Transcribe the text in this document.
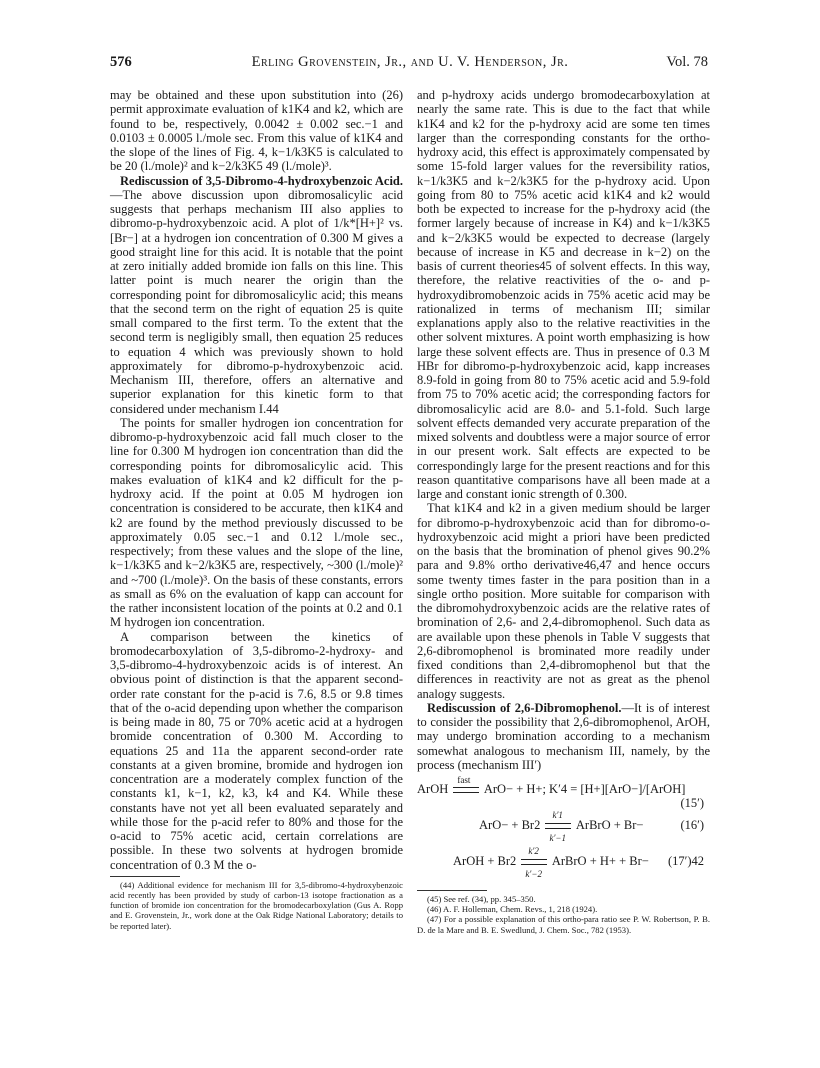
576	Erling Grovenstein, Jr., and U. V. Henderson, Jr.	Vol. 78

may be obtained and these upon substitution into (26) permit approximate evaluation of k1K4 and k2, which are found to be, respectively, 0.0042 ± 0.002 sec.−1 and 0.0103 ± 0.0005 l./mole sec. From this value of k1K4 and the slope of the lines of Fig. 4, k−1/k3K5 is calculated to be 20 (l./mole)² and k−2/k3K5 49 (l./mole)³.

Rediscussion of 3,5-Dibromo-4-hydroxybenzoic Acid.—The above discussion upon dibromosalicylic acid suggests that perhaps mechanism III also applies to dibromo-p-hydroxybenzoic acid. A plot of 1/k*[H+]² vs. [Br−] at a hydrogen ion concentration of 0.300 M gives a good straight line for this acid. It is notable that the point at zero initially added bromide ion falls on this line. This latter point is much nearer the origin than the corresponding point for dibromosalicylic acid; this means that the second term on the right of equation 25 is quite small compared to the first term. To the extent that the second term is negligibly small, then equation 25 reduces to equation 4 which was previously shown to hold approximately for dibromo-p-hydroxybenzoic acid. Mechanism III, therefore, offers an alternative and superior explanation for this kinetic form to that considered under mechanism I.44

The points for smaller hydrogen ion concentration for dibromo-p-hydroxybenzoic acid fall much closer to the line for 0.300 M hydrogen ion concentration than did the corresponding points for dibromosalicylic acid. This makes evaluation of k1K4 and k2 difficult for the p-hydroxy acid. If the point at 0.05 M hydrogen ion concentration is considered to be accurate, then k1K4 and k2 are found by the method previously discussed to be approximately 0.05 sec.−1 and 0.12 l./mole sec., respectively; from these values and the slope of the line, k−1/k3K5 and k−2/k3K5 are, respectively, ~300 (l./mole)² and ~700 (l./mole)³. On the basis of these constants, errors as small as 6% on the evaluation of kapp can account for the rather inconsistent location of the points at 0.2 and 0.1 M hydrogen ion concentration.

A comparison between the kinetics of bromodecarboxylation of 3,5-dibromo-2-hydroxy- and 3,5-dibromo-4-hydroxybenzoic acids is of interest. An obvious point of distinction is that the apparent second-order rate constant for the p-acid is 7.6, 8.5 or 9.8 times that of the o-acid depending upon whether the comparison is being made in 80, 75 or 70% acetic acid at a hydrogen bromide concentration of 0.300 M. According to equations 25 and 11a the apparent second-order rate constants at a given bromine, bromide and hydrogen ion concentration are a moderately complex function of the constants k1, k−1, k2, k3, k4 and K4. While these constants have not yet all been evaluated separately and while those for the p-acid refer to 80% and those for the o-acid to 75% acetic acid, certain correlations are possible. In these two solvents at hydrogen bromide concentration of 0.3 M the o-

(44) Additional evidence for mechanism III for 3,5-dibromo-4-hydroxybenzoic acid recently has been provided by study of carbon-13 isotope fractionation as a function of bromide ion concentration for the bromodecarboxylation (Gus A. Ropp and E. Grovenstein, Jr., work done at the Oak Ridge National Laboratory; details to be reported later).

and p-hydroxy acids undergo bromodecarboxylation at nearly the same rate. This is due to the fact that while k1K4 and k2 for the p-hydroxy acid are some ten times larger than the corresponding constants for the ortho-hydroxy acid, this effect is approximately compensated by some 15-fold larger values for the reversibility ratios, k−1/k3K5 and k−2/k3K5 for the p-hydroxy acid. Upon going from 80 to 75% acetic acid k1K4 and k2 would both be expected to increase for the p-hydroxy acid (the former largely because of increase in K4) and k−1/k3K5 and k−2/k3K5 would be expected to decrease (largely because of increase in K5 and decrease in k−2) on the basis of current theories45 of solvent effects. In this way, therefore, the relative reactivities of the o- and p-hydroxydibromobenzoic acids in 75% acetic acid may be rationalized in terms of mechanism III; similar explanations apply also to the relative reactivities in the other solvent mixtures. A point worth emphasizing is how large these solvent effects are. Thus in presence of 0.3 M HBr for dibromo-p-hydroxybenzoic acid, kapp increases 8.9-fold in going from 80 to 75% acetic acid and 5.9-fold from 75 to 70% acetic acid; the corresponding factors for dibromosalicylic acid are 8.0- and 5.1-fold. Such large solvent effects demanded very accurate preparation of the mixed solvents and doubtless were a major source of error in our present work. Salt effects are expected to be correspondingly large for the present reactions and for this reason quantitative comparisons have all been made at a large and constant ionic strength of 0.300.

That k1K4 and k2 in a given medium should be larger for dibromo-p-hydroxybenzoic acid than for dibromo-o-hydroxybenzoic acid might a priori have been predicted on the basis that the bromination of phenol gives 90.2% para and 9.8% ortho derivative46,47 and hence occurs some twenty times faster in the para position than in a single ortho position. More suitable for comparison with the dibromohydroxybenzoic acids are the relative rates of bromination of 2,6- and 2,4-dibromophenol. Such data as are available upon these phenols in Table V suggests that 2,6-dibromophenol is brominated more readily under fixed conditions than 2,4-dibromophenol but that the differences in reactivity are not as great as the phenol analogy suggests.

Rediscussion of 2,6-Dibromophenol.—It is of interest to consider the possibility that 2,6-dibromophenol, ArOH, may undergo bromination according to a mechanism somewhat analogous to mechanism III, namely, by the process (mechanism III′)

ArOH
fast
ArO− + H+; K′4 = [H+][ArO−]/[ArOH]
(15′)
ArO− + Br2
k′1
k′−1
ArBrO + Br−	(16′)
ArOH + Br2
k′2
k′−2
ArBrO + H+ + Br− (17′)42

(45) See ref. (34), pp. 345–350.

(46) A. F. Holleman, Chem. Revs., 1, 218 (1924).

(47) For a possible explanation of this ortho-para ratio see P. W. Robertson, P. B. D. de la Mare and B. E. Swedlund, J. Chem. Soc., 782 (1953).
